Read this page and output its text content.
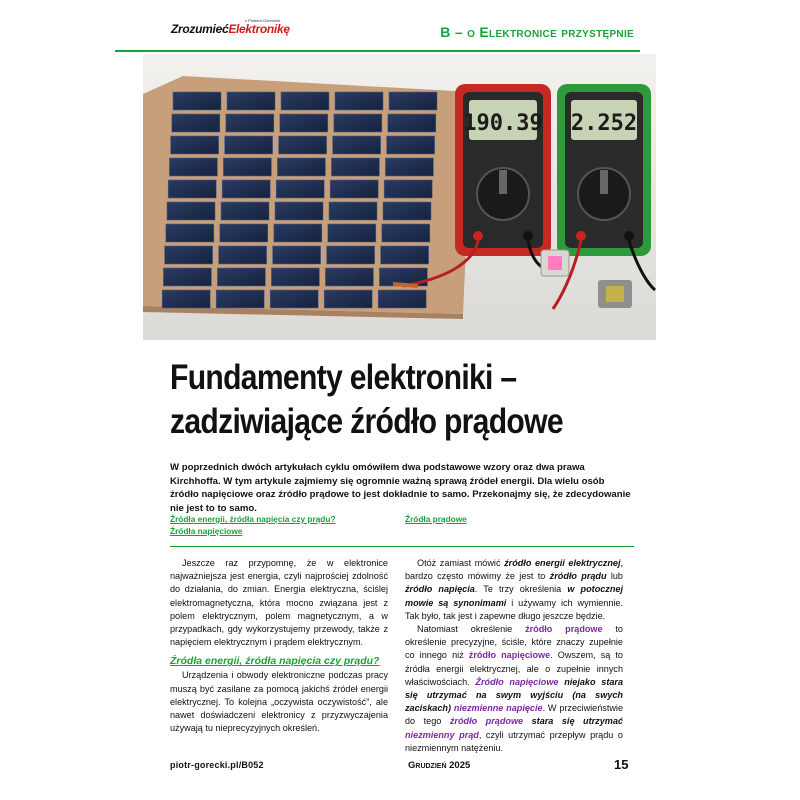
ZrozumiećElektronikę
z Piotrem Góreckim
B – o Elektronice przystępnie
190.39 2.252
Fundamenty elektroniki –
zadziwiające źródło prądowe

W poprzednich dwóch artykułach cyklu omówiłem dwa podstawowe wzory oraz dwa prawa Kirchhoffa. W tym artykule zajmiemy się ogromnie ważną sprawą źródeł energii. Dla wielu osób źródło napięciowe oraz źródło prądowe to jest dokładnie to samo. Przekonajmy się, że zdecydowanie nie jest to to samo.

Źródła energii, źródła napięcia czy prądu?
Źródła napięciowe
Źródła prądowe

Jeszcze raz przypomnę, że w elektronice najważniejsza jest energia, czyli najprościej zdolność do działania, do zmian. Energia elektryczna, ściślej elektromagnetyczna, która mocno związana jest z polem elektrycznym, polem magnetycznym, a w przypadkach, gdy wykorzystujemy przewody, także z napięciem elektrycznym i prądem elektrycznym.

Źródła energii, źródła napięcia czy prądu?

Urządzenia i obwody elektroniczne podczas pracy muszą być zasilane za pomocą jakichś źródeł energii elektrycznej. To kolejna „oczywista oczywistość”, ale nawet doświadczeni elektronicy z przyzwyczajenia używają tu nieprecyzyjnych określeń.

Otóż zamiast mówić źródło energii elektrycznej, bardzo często mówimy że jest to źródło prądu lub źródło napięcia. Te trzy określenia w potocznej mowie są synonimami i używamy ich wymiennie. Tak było, tak jest i zapewne długo jeszcze będzie.

Natomiast określenie źródło prądowe to określenie precyzyjne, ściśle, które znaczy zupełnie co innego niż źródło napięciowe. Owszem, są to źródła energii elektrycznej, ale o zupełnie innych właściwościach. Źródło napięciowe niejako stara się utrzymać na swym wyjściu (na swych zaciskach) niezmienne napięcie. W przeciwieństwie do tego źródło prądowe stara się utrzymać niezmienny prąd, czyli utrzymać przepływ prądu o niezmiennym natężeniu.

piotr-gorecki.pl/B052	Grudzień 2025	15
